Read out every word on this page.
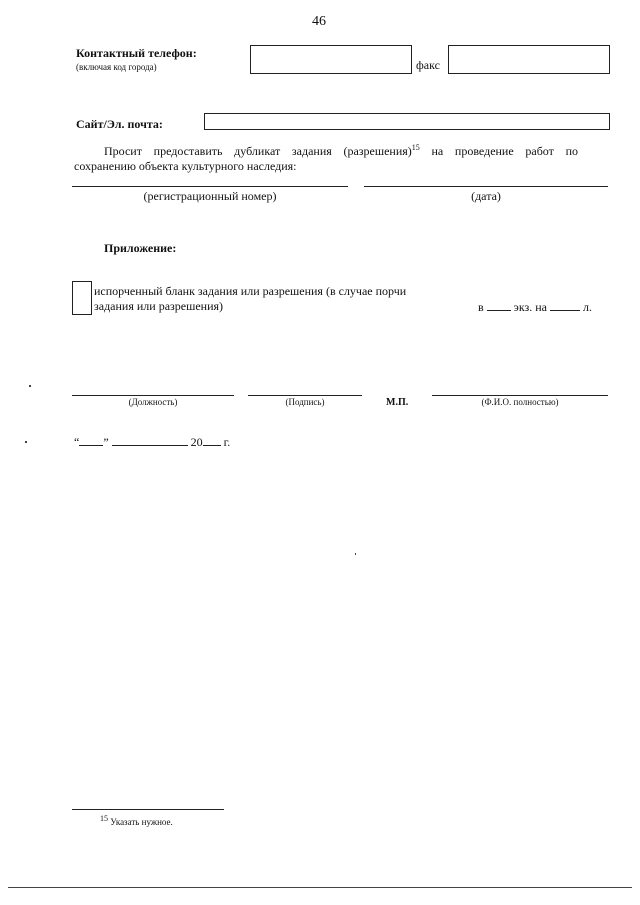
46
Контактный телефон:
(включая код города)	факс
Сайт/Эл. почта:
Просит предоставить дубликат задания (разрешения)$^{15}$ на проведение работ по
сохранению объекта культурного наследия:
(регистрационный номер)	(дата)
Приложение:
испорченный бланк задания или разрешения (в случае порчи
задания или разрешения)	в	экз. на	л.
(Должность)	(Подпись)	М.П.	(Ф.И.О. полностью)
“ ”	20 г.
$^{15}$ Указать нужное.
